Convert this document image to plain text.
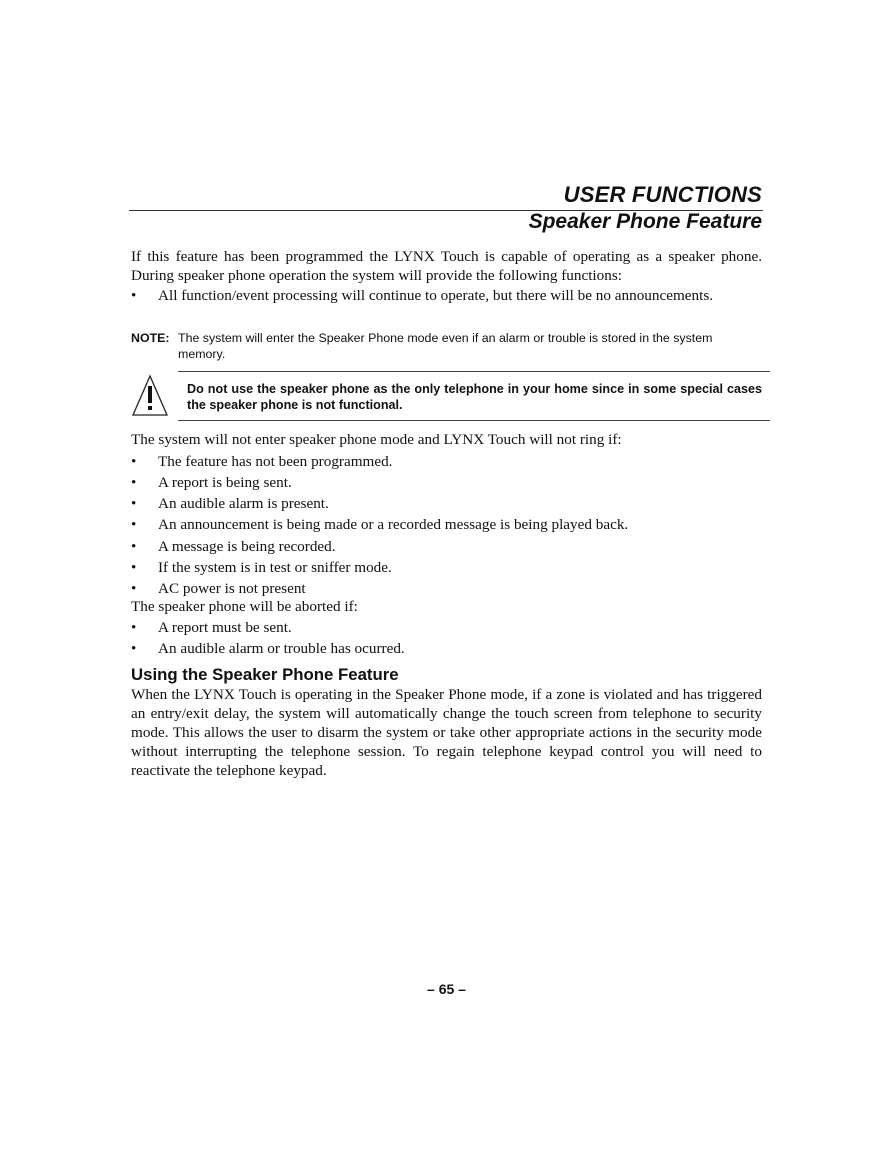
USER FUNCTIONS
Speaker Phone Feature
If this feature has been programmed the LYNX Touch is capable of operating as a speaker phone. During speaker phone operation the system will provide the following functions:
•	All function/event processing will continue to operate, but there will be no announcements.
NOTE: The system will enter the Speaker Phone mode even if an alarm or trouble is stored in the system memory.
Do not use the speaker phone as the only telephone in your home since in some special cases the speaker phone is not functional.
The system will not enter speaker phone mode and LYNX Touch will not ring if:
•	The feature has not been programmed.
•	A report is being sent.
•	An audible alarm is present.
•	An announcement is being made or a recorded message is being played back.
•	A message is being recorded.
•	If the system is in test or sniffer mode.
•	AC power is not present
The speaker phone will be aborted if:
•	A report must be sent.
•	An audible alarm or trouble has ocurred.
Using the Speaker Phone Feature
When the LYNX Touch is operating in the Speaker Phone mode, if a zone is violated and has triggered an entry/exit delay, the system will automatically change the touch screen from telephone to security mode. This allows the user to disarm the system or take other appropriate actions in the security mode without interrupting the telephone session. To regain telephone keypad control you will need to reactivate the telephone keypad.
– 65 –
